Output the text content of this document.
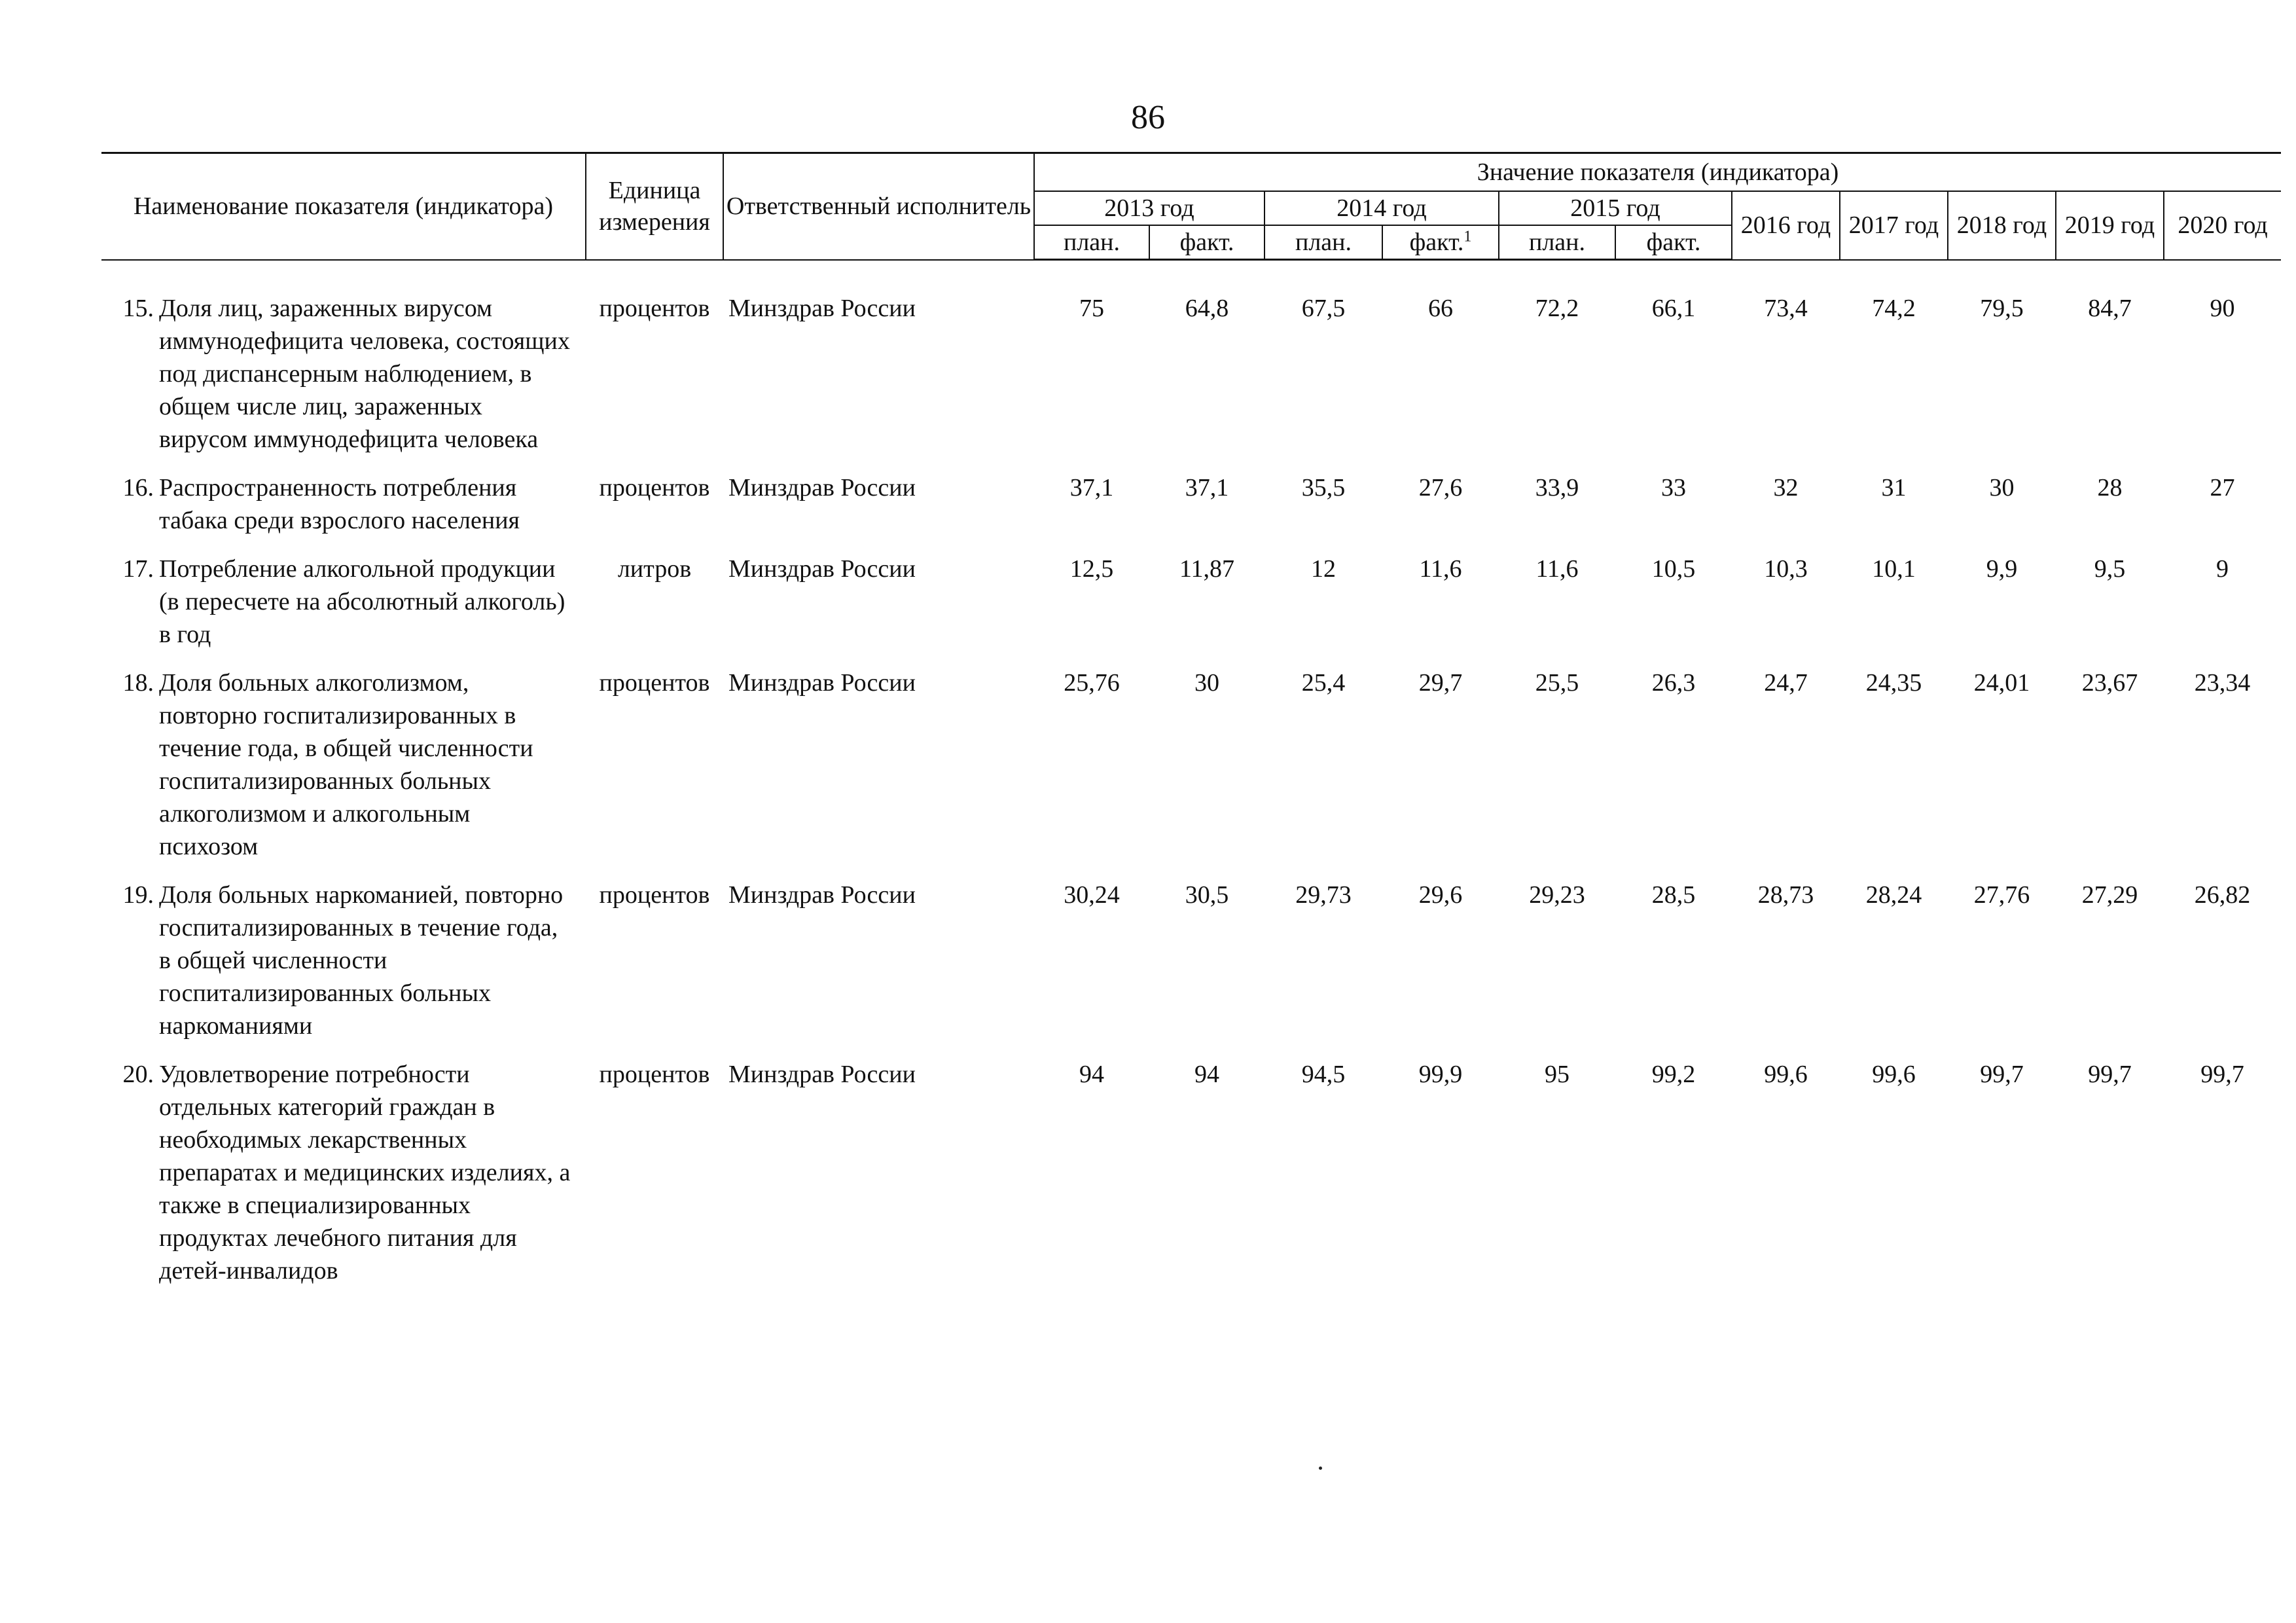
86
Наименование показателя (индикатора)	Единица измерения	Ответственный исполнитель	Значение показателя (индикатора)										
			2013 год		2014 год		2015 год		2016 год	2017 год	2018 год	2019 год	2020 год
			план.	факт.	план.	факт.$^1$	план.	факт.					

15. Доля лиц, зараженных вирусом иммунодефицита человека, состоящих под диспансерным наблюдением, в общем числе лиц, зараженных вирусом иммунодефицита человека	процентов	Минздрав России	75	64,8	67,5	66	72,2	66,1	73,4	74,2	79,5	84,7	90

16. Распространенность потребления табака среди взрослого населения	процентов	Минздрав России	37,1	37,1	35,5	27,6	33,9	33	32	31	30	28	27

17. Потребление алкогольной продукции (в пересчете на абсолютный алкоголь) в год	литров	Минздрав России	12,5	11,87	12	11,6	11,6	10,5	10,3	10,1	9,9	9,5	9

18. Доля больных алкоголизмом, повторно госпитализированных в течение года, в общей численности госпитализированных больных алкоголизмом и алкогольным психозом	процентов	Минздрав России	25,76	30	25,4	29,7	25,5	26,3	24,7	24,35	24,01	23,67	23,34

19. Доля больных наркоманией, повторно госпитализированных в течение года, в общей численности госпитализированных больных наркоманиями	процентов	Минздрав России	30,24	30,5	29,73	29,6	29,23	28,5	28,73	28,24	27,76	27,29	26,82

20. Удовлетворение потребности отдельных категорий граждан в необходимых лекарственных препаратах и медицинских изделиях, а также в специализированных продуктах лечебного питания для детей-инвалидов	процентов	Минздрав России	94	94	94,5	99,9	95	99,2	99,6	99,6	99,7	99,7	99,7
